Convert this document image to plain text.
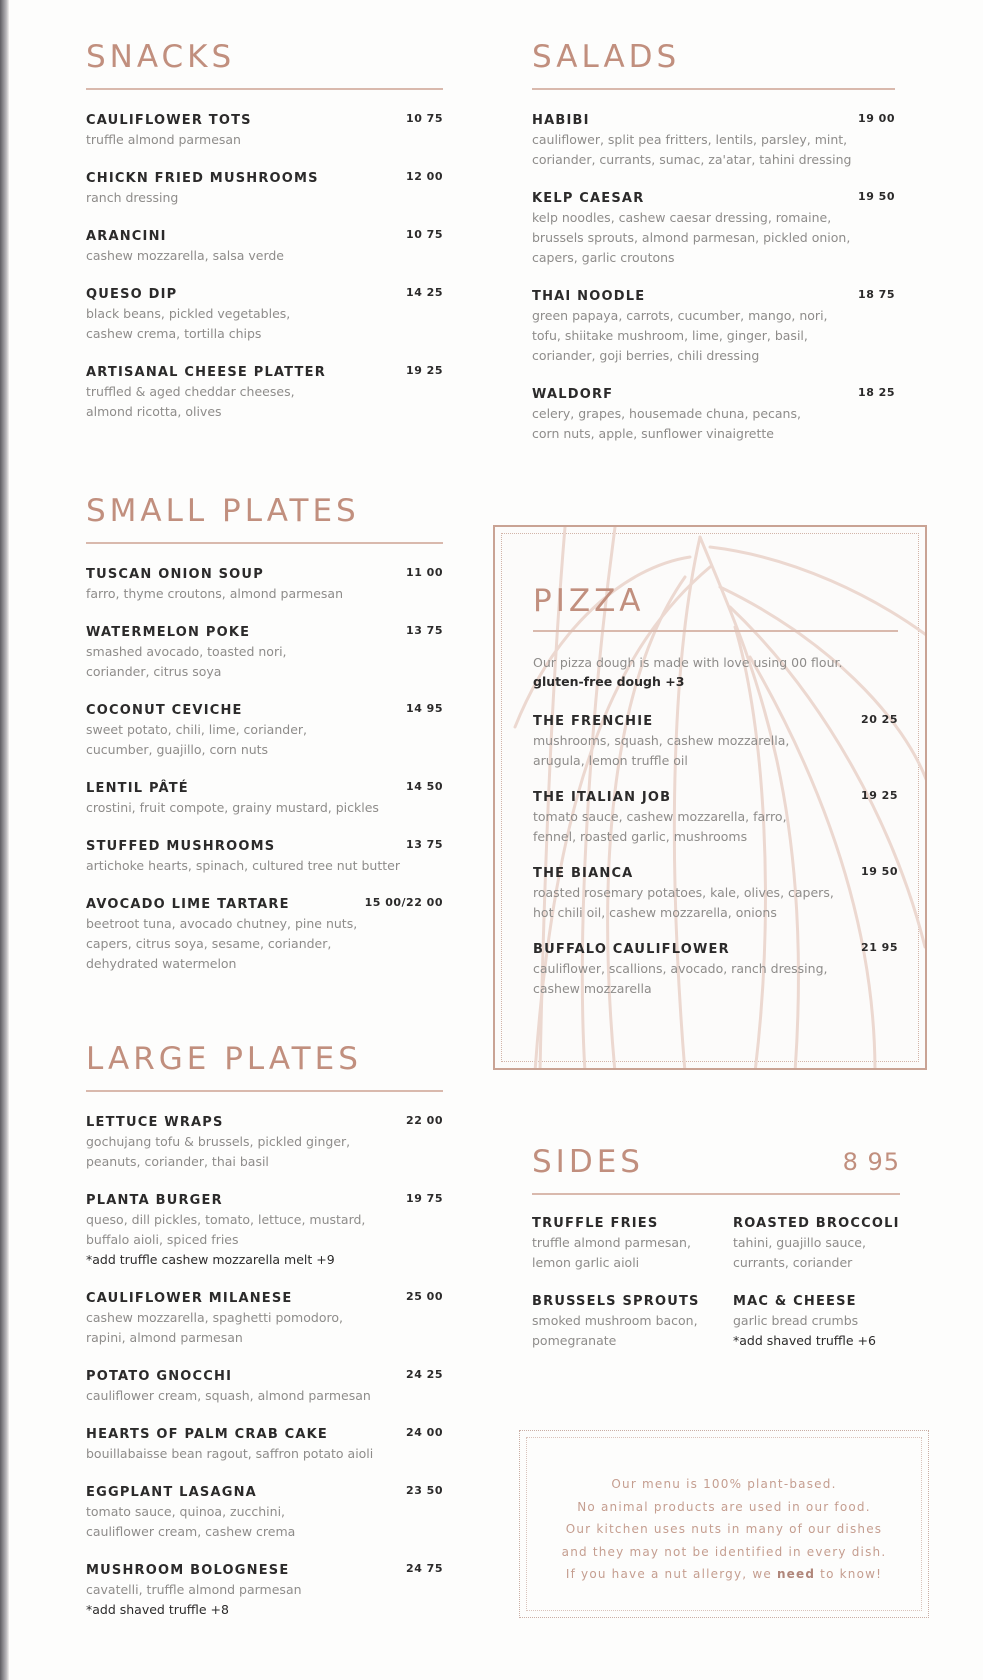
SNACKS
CAULIFLOWER TOTS	10 75
truffle almond parmesan
CHICKN FRIED MUSHROOMS	12 00
ranch dressing
ARANCINI	10 75
cashew mozzarella, salsa verde
QUESO DIP	14 25
black beans, pickled vegetables,
cashew crema, tortilla chips
ARTISANAL CHEESE PLATTER	19 25
truffled & aged cheddar cheeses,
almond ricotta, olives
SMALL PLATES
TUSCAN ONION SOUP	11 00
farro, thyme croutons, almond parmesan
WATERMELON POKE	13 75
smashed avocado, toasted nori,
coriander, citrus soya
COCONUT CEVICHE	14 95
sweet potato, chili, lime, coriander,
cucumber, guajillo, corn nuts
LENTIL PÂTÉ	14 50
crostini, fruit compote, grainy mustard, pickles
STUFFED MUSHROOMS	13 75
artichoke hearts, spinach, cultured tree nut butter
AVOCADO LIME TARTARE	15 00/22 00
beetroot tuna, avocado chutney, pine nuts,
capers, citrus soya, sesame, coriander,
dehydrated watermelon
LARGE PLATES
LETTUCE WRAPS	22 00
gochujang tofu & brussels, pickled ginger,
peanuts, coriander, thai basil
PLANTA BURGER	19 75
queso, dill pickles, tomato, lettuce, mustard,
buffalo aioli, spiced fries
*add truffle cashew mozzarella melt +9
CAULIFLOWER MILANESE	25 00
cashew mozzarella, spaghetti pomodoro,
rapini, almond parmesan
POTATO GNOCCHI	24 25
cauliflower cream, squash, almond parmesan
HEARTS OF PALM CRAB CAKE	24 00
bouillabaisse bean ragout, saffron potato aioli
EGGPLANT LASAGNA	23 50
tomato sauce, quinoa, zucchini,
cauliflower cream, cashew crema
MUSHROOM BOLOGNESE	24 75
cavatelli, truffle almond parmesan
*add shaved truffle +8
SALADS
HABIBI	19 00
cauliflower, split pea fritters, lentils, parsley, mint,
coriander, currants, sumac, za'atar, tahini dressing
KELP CAESAR	19 50
kelp noodles, cashew caesar dressing, romaine,
brussels sprouts, almond parmesan, pickled onion,
capers, garlic croutons
THAI NOODLE	18 75
green papaya, carrots, cucumber, mango, nori,
tofu, shiitake mushroom, lime, ginger, basil,
coriander, goji berries, chili dressing
WALDORF	18 25
celery, grapes, housemade chuna, pecans,
corn nuts, apple, sunflower vinaigrette
PIZZA
Our pizza dough is made with love using 00 flour.
gluten-free dough +3
THE FRENCHIE	20 25
mushrooms, squash, cashew mozzarella,
arugula, lemon truffle oil
THE ITALIAN JOB	19 25
tomato sauce, cashew mozzarella, farro,
fennel, roasted garlic, mushrooms
THE BIANCA	19 50
roasted rosemary potatoes, kale, olives, capers,
hot chili oil, cashew mozzarella, onions
BUFFALO CAULIFLOWER	21 95
cauliflower, scallions, avocado, ranch dressing,
cashew mozzarella
SIDES	8 95
TRUFFLE FRIES
truffle almond parmesan,
lemon garlic aioli
ROASTED BROCCOLI
tahini, guajillo sauce,
currants, coriander
BRUSSELS SPROUTS
smoked mushroom bacon,
pomegranate
MAC & CHEESE
garlic bread crumbs
*add shaved truffle +6
Our menu is 100% plant-based.
No animal products are used in our food.
Our kitchen uses nuts in many of our dishes
and they may not be identified in every dish.
If you have a nut allergy, we need to know!
